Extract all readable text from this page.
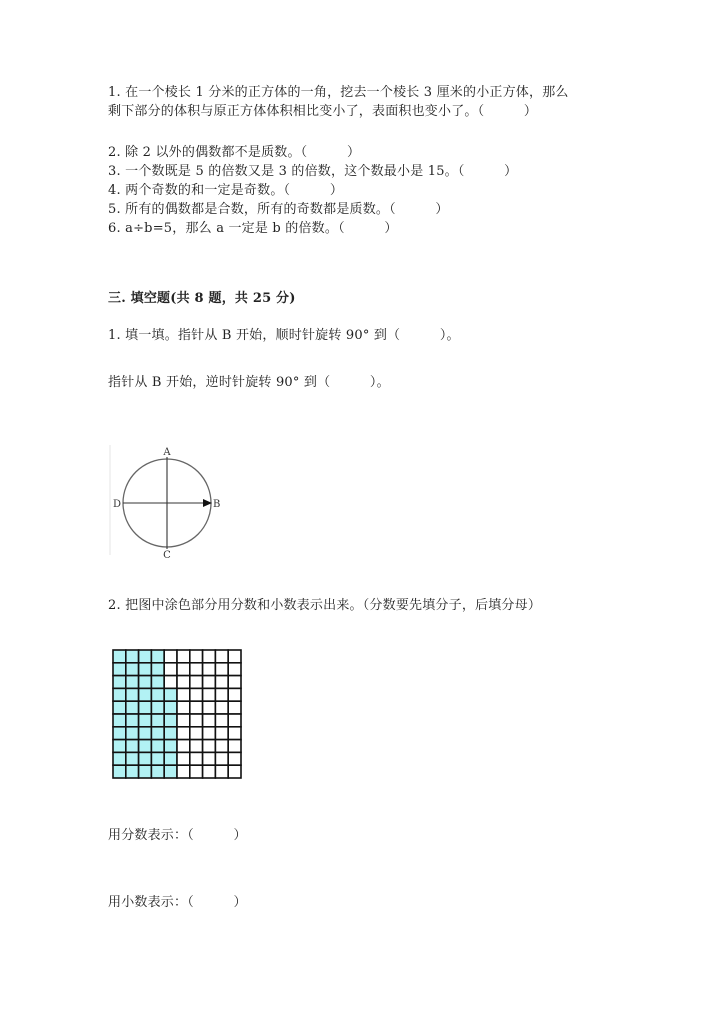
1. 在一个棱长 1 分米的正方体的一角，挖去一个棱长 3 厘米的小正方体，那么
剩下部分的体积与原正方体体积相比变小了，表面积也变小了。（　　　）
2. 除 2 以外的偶数都不是质数。（　　　）
3. 一个数既是 5 的倍数又是 3 的倍数，这个数最小是 15。（　　　）
4. 两个奇数的和一定是奇数。（　　　）
5. 所有的偶数都是合数，所有的奇数都是质数。（　　　）
6. a÷b=5，那么 a 一定是 b 的倍数。（　　　）
三. 填空题(共 8 题，共 25 分)
1. 填一填。指针从 B 开始，顺时针旋转 90° 到（　　　）。
指针从 B 开始，逆时针旋转 90° 到（　　　）。
A
B
C
D
2. 把图中涂色部分用分数和小数表示出来。（分数要先填分子，后填分母）
用分数表示：（　　　）
用小数表示：（　　　）
